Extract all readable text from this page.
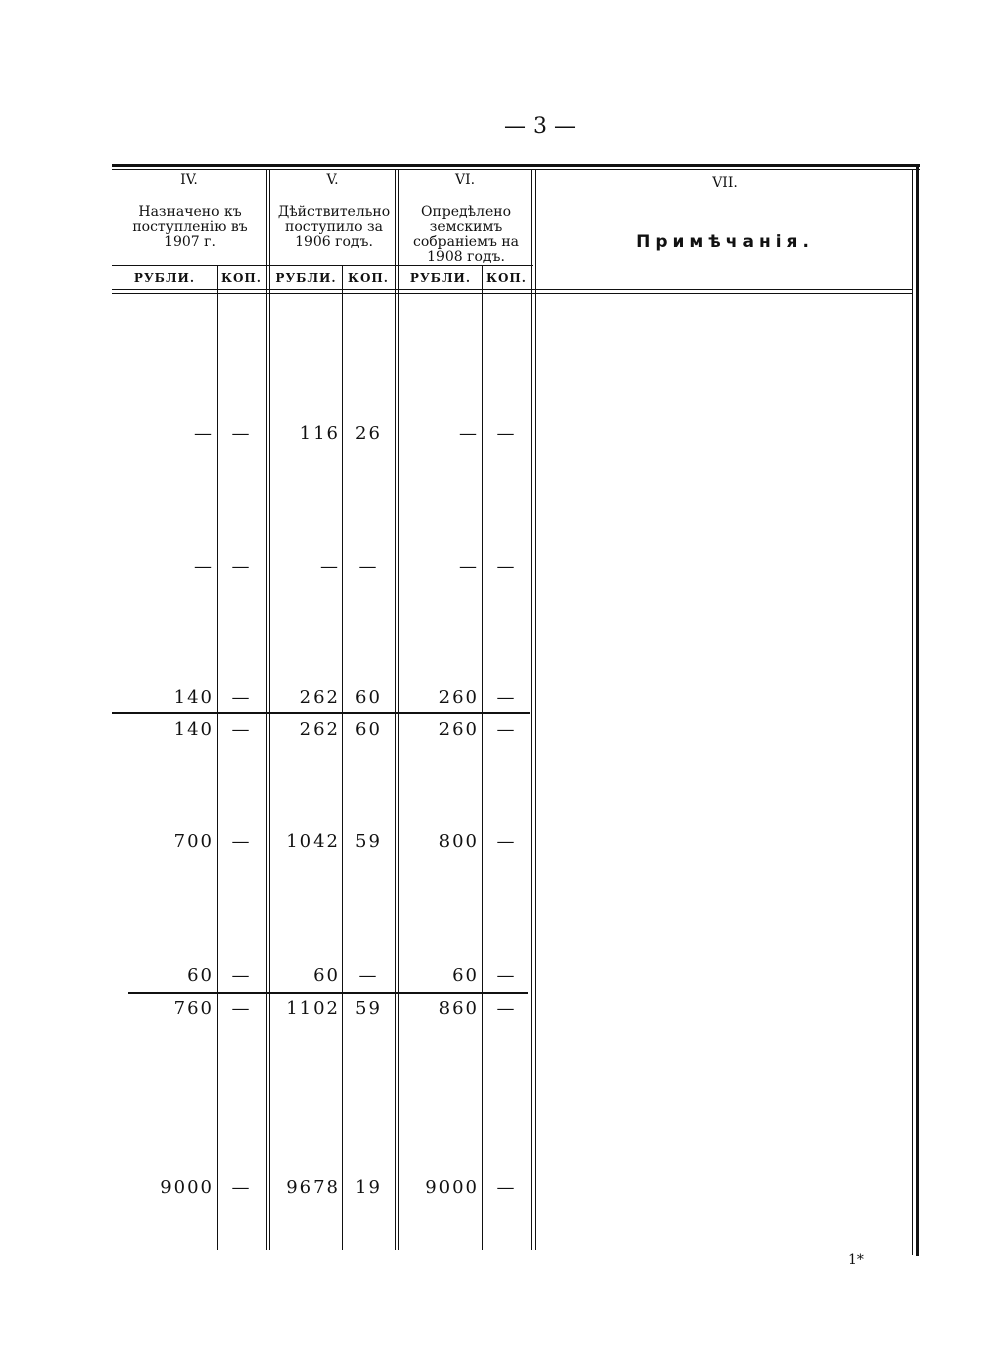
— 3 —
IV.
Назначено къ поступленію въ 1907 г.
V.
Дѣйствительно поступило за 1906 годъ.
VI.
Опредѣлено земскимъ собраніемъ на 1908 годъ.
VII.
Примѣчанія.
РУБЛИ.	КОП.	РУБЛИ. КОП.	РУБЛИ.	КОП.
— —	116 26	— —
— —	—	—	— —
140 —	262 60	260 —
140 —	262 60	260 —
700 —	1042 59	800 —
60 —	60	—	60 —
760 —	1102 59	860 —
9000 —	9678 19	9000 —
1*
